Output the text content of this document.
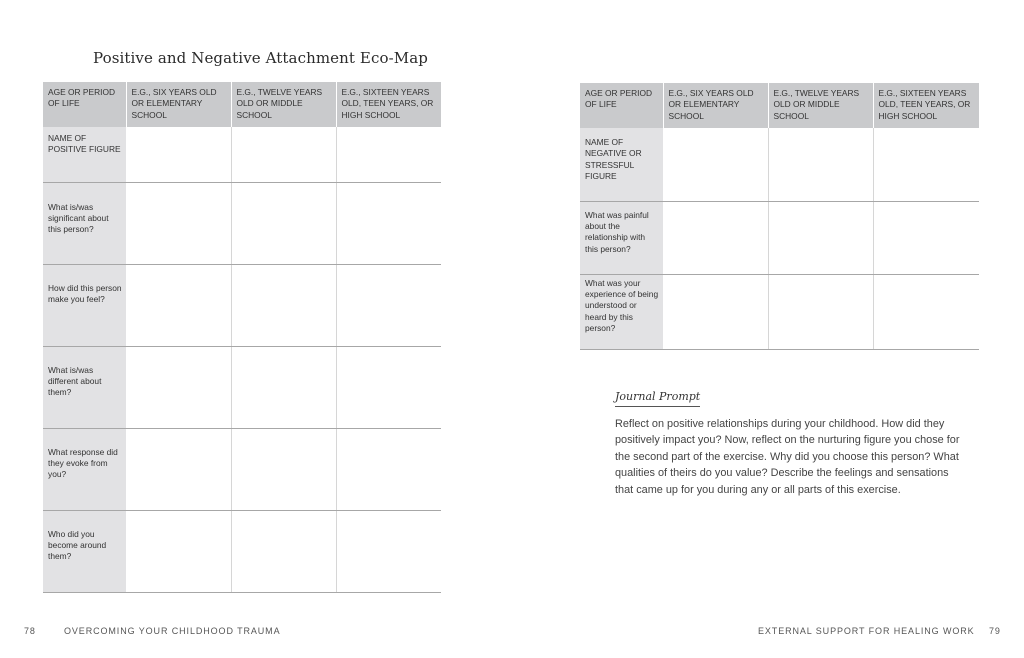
Positive and Negative Attachment Eco-Map
AGE OR PERIOD OF LIFE	E.G., SIX YEARS OLD OR ELEMENTARY SCHOOL	E.G., TWELVE YEARS OLD OR MIDDLE SCHOOL	E.G., SIXTEEN YEARS OLD, TEEN YEARS, OR HIGH SCHOOL
NAME OF POSITIVE FIGURE			
What is/was significant about this person?			
How did this person make you feel?			
What is/was different about them?			
What response did they evoke from you?			
Who did you become around them?			
78	OVERCOMING YOUR CHILDHOOD TRAUMA
AGE OR PERIOD OF LIFE	E.G., SIX YEARS OLD OR ELEMENTARY SCHOOL	E.G., TWELVE YEARS OLD OR MIDDLE SCHOOL	E.G., SIXTEEN YEARS OLD, TEEN YEARS, OR HIGH SCHOOL
NAME OF NEGATIVE OR STRESSFUL FIGURE			
What was painful about the relationship with this person?			
What was your experience of being understood or heard by this person?			
Journal Prompt
Reflect on positive relationships during your childhood. How did they positively impact you? Now, reflect on the nurturing figure you chose for the second part of the exercise. Why did you choose this person? What qualities of theirs do you value? Describe the feelings and sensations that came up for you during any or all parts of this exercise.
EXTERNAL SUPPORT FOR HEALING WORK 79
